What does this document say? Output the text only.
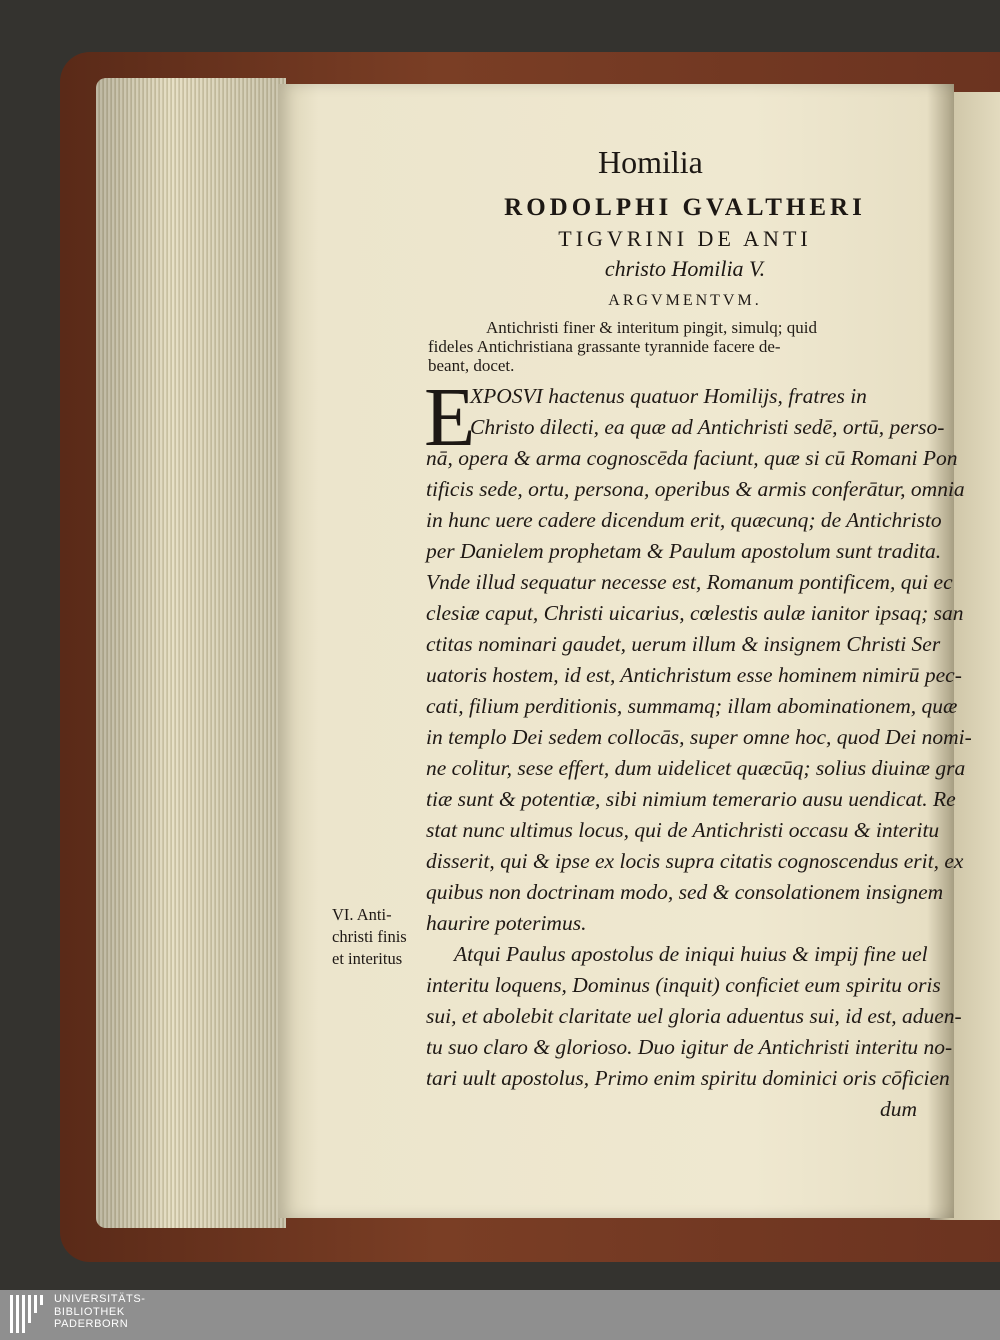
Homilia
RODOLPHI GVALTHERI
TIGVRINI DE ANTI
christo Homilia V.
ARGVMENTVM.
Antichristi finer & interitum pingit, simulq; quid
fideles Antichristiana grassante tyrannide facere de-
beant, docet.
E
XPOSVI hactenus quatuor Homilijs, fratres in
Christo dilecti, ea quæ ad Antichristi sedē, ortū, perso-
nā, opera & arma cognoscēda faciunt, quæ si cū Romani Pon
tificis sede, ortu, persona, operibus & armis conferātur, omnia
in hunc uere cadere dicendum erit, quæcunq; de Antichristo
per Danielem prophetam & Paulum apostolum sunt tradita.
Vnde illud sequatur necesse est, Romanum pontificem, qui ec
clesiæ caput, Christi uicarius, cœlestis aulæ ianitor ipsaq; san
ctitas nominari gaudet, uerum illum & insignem Christi Ser
uatoris hostem, id est, Antichristum esse hominem nimirū pec-
cati, filium perditionis, summamq; illam abominationem, quæ
in templo Dei sedem collocās, super omne hoc, quod Dei nomi-
ne colitur, sese effert, dum uidelicet quæcūq; solius diuinæ gra
tiæ sunt & potentiæ, sibi nimium temerario ausu uendicat. Re
stat nunc ultimus locus, qui de Antichristi occasu & interitu
disserit, qui & ipse ex locis supra citatis cognoscendus erit, ex
quibus non doctrinam modo, sed & consolationem insignem
haurire poterimus.
Atqui Paulus apostolus de iniqui huius & impij fine uel
interitu loquens, Dominus (inquit) conficiet eum spiritu oris
sui, et abolebit claritate uel gloria aduentus sui, id est, aduen-
tu suo claro & glorioso. Duo igitur de Antichristi interitu no-
tari uult apostolus, Primo enim spiritu dominici oris cōficien
dum
VI. Anti-
christi finis
et interitus
UNIVERSITÄTS-
BIBLIOTHEK
PADERBORN
